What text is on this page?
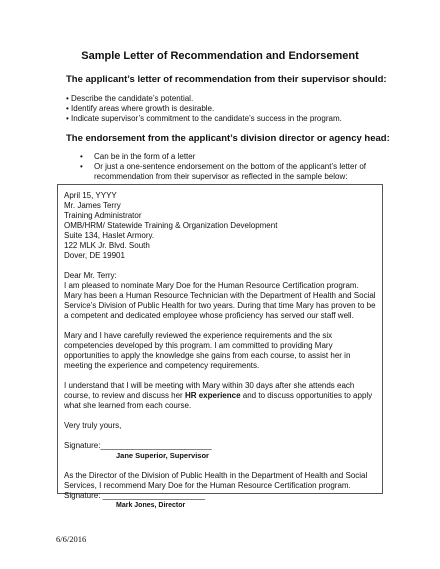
Sample Letter of Recommendation and Endorsement

The applicant’s letter of recommendation from their supervisor should:

• Describe the candidate’s potential.
• Identify areas where growth is desirable.
• Indicate supervisor’s commitment to the candidate’s success in the program.

The endorsement from the applicant’s division director or agency head:

• Can be in the form of a letter
• Or just a one-sentence endorsement on the bottom of the applicant’s letter of recommendation from their supervisor as reflected in the sample below:

April 15, YYYY

Mr. James Terry

Training Administrator

OMB/HRM/ Statewide Training & Organization Development

Suite 134, Haslet Armory.

122 MLK Jr. Blvd. South

Dover, DE 19901

Dear Mr. Terry:

I am pleased to nominate Mary Doe for the Human Resource Certification program. Mary has been a Human Resource Technician with the Department of Health and Social Service’s Division of Public Health for two years. During that time Mary has proven to be a competent and dedicated employee whose proficiency has served our staff well.

Mary and I have carefully reviewed the experience requirements and the six competencies developed by this program. I am committed to providing Mary opportunities to apply the knowledge she gains from each course, to assist her in meeting the experience and competency requirements.

I understand that I will be meeting with Mary within 30 days after she attends each course, to review and discuss her HR experience and to discuss opportunities to apply what she learned from each course.

Very truly yours,

Signature:_________________________

Jane Superior, Supervisor

As the Director of the Division of Public Health in the Department of Health and Social Services, I recommend Mary Doe for the Human Resource Certification program.

Signature: _______________________

Mark Jones, Director

6/6/2016
